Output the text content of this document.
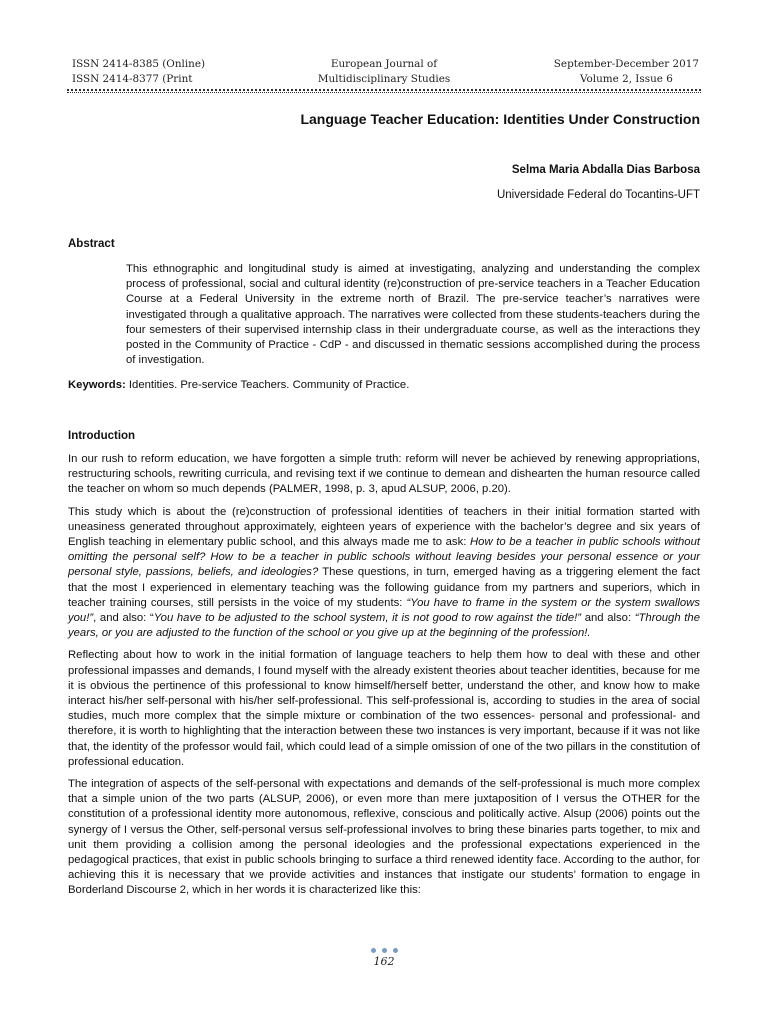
ISSN 2414-8385 (Online)
ISSN 2414-8377 (Print
European Journal of
Multidisciplinary Studies
September-December 2017
Volume 2, Issue 6
Language Teacher Education: Identities Under Construction
Selma Maria Abdalla Dias Barbosa
Universidade Federal do Tocantins-UFT
Abstract

This ethnographic and longitudinal study is aimed at investigating, analyzing and understanding the complex process of professional, social and cultural identity (re)construction of pre-service teachers in a Teacher Education Course at a Federal University in the extreme north of Brazil. The pre-service teacher’s narratives were investigated through a qualitative approach. The narratives were collected from these students-teachers during the four semesters of their supervised internship class in their undergraduate course, as well as the interactions they posted in the Community of Practice - CdP - and discussed in thematic sessions accomplished during the process of investigation.

Keywords: Identities. Pre-service Teachers. Community of Practice.

Introduction

In our rush to reform education, we have forgotten a simple truth: reform will never be achieved by renewing appropriations, restructuring schools, rewriting curricula, and revising text if we continue to demean and dishearten the human resource called the teacher on whom so much depends (PALMER, 1998, p. 3, apud ALSUP, 2006, p.20).

This study which is about the (re)construction of professional identities of teachers in their initial formation started with uneasiness generated throughout approximately, eighteen years of experience with the bachelor’s degree and six years of English teaching in elementary public school, and this always made me to ask: How to be a teacher in public schools without omitting the personal self? How to be a teacher in public schools without leaving besides your personal essence or your personal style, passions, beliefs, and ideologies? These questions, in turn, emerged having as a triggering element the fact that the most I experienced in elementary teaching was the following guidance from my partners and superiors, which in teacher training courses, still persists in the voice of my students: “You have to frame in the system or the system swallows you!”, and also: “You have to be adjusted to the school system, it is not good to row against the tide!” and also: “Through the years, or you are adjusted to the function of the school or you give up at the beginning of the profession!.

Reflecting about how to work in the initial formation of language teachers to help them how to deal with these and other professional impasses and demands, I found myself with the already existent theories about teacher identities, because for me it is obvious the pertinence of this professional to know himself/herself better, understand the other, and know how to make interact his/her self-personal with his/her self-professional. This self-professional is, according to studies in the area of social studies, much more complex that the simple mixture or combination of the two essences- personal and professional- and therefore, it is worth to highlighting that the interaction between these two instances is very important, because if it was not like that, the identity of the professor would fail, which could lead of a simple omission of one of the two pillars in the constitution of professional education.

The integration of aspects of the self-personal with expectations and demands of the self-professional is much more complex that a simple union of the two parts (ALSUP, 2006), or even more than mere juxtaposition of I versus the OTHER for the constitution of a professional identity more autonomous, reflexive, conscious and politically active. Alsup (2006) points out the synergy of I versus the Other, self-personal versus self-professional involves to bring these binaries parts together, to mix and unit them providing a collision among the personal ideologies and the professional expectations experienced in the pedagogical practices, that exist in public schools bringing to surface a third renewed identity face. According to the author, for achieving this it is necessary that we provide activities and instances that instigate our students’ formation to engage in Borderland Discourse 2, which in her words it is characterized like this:

162
